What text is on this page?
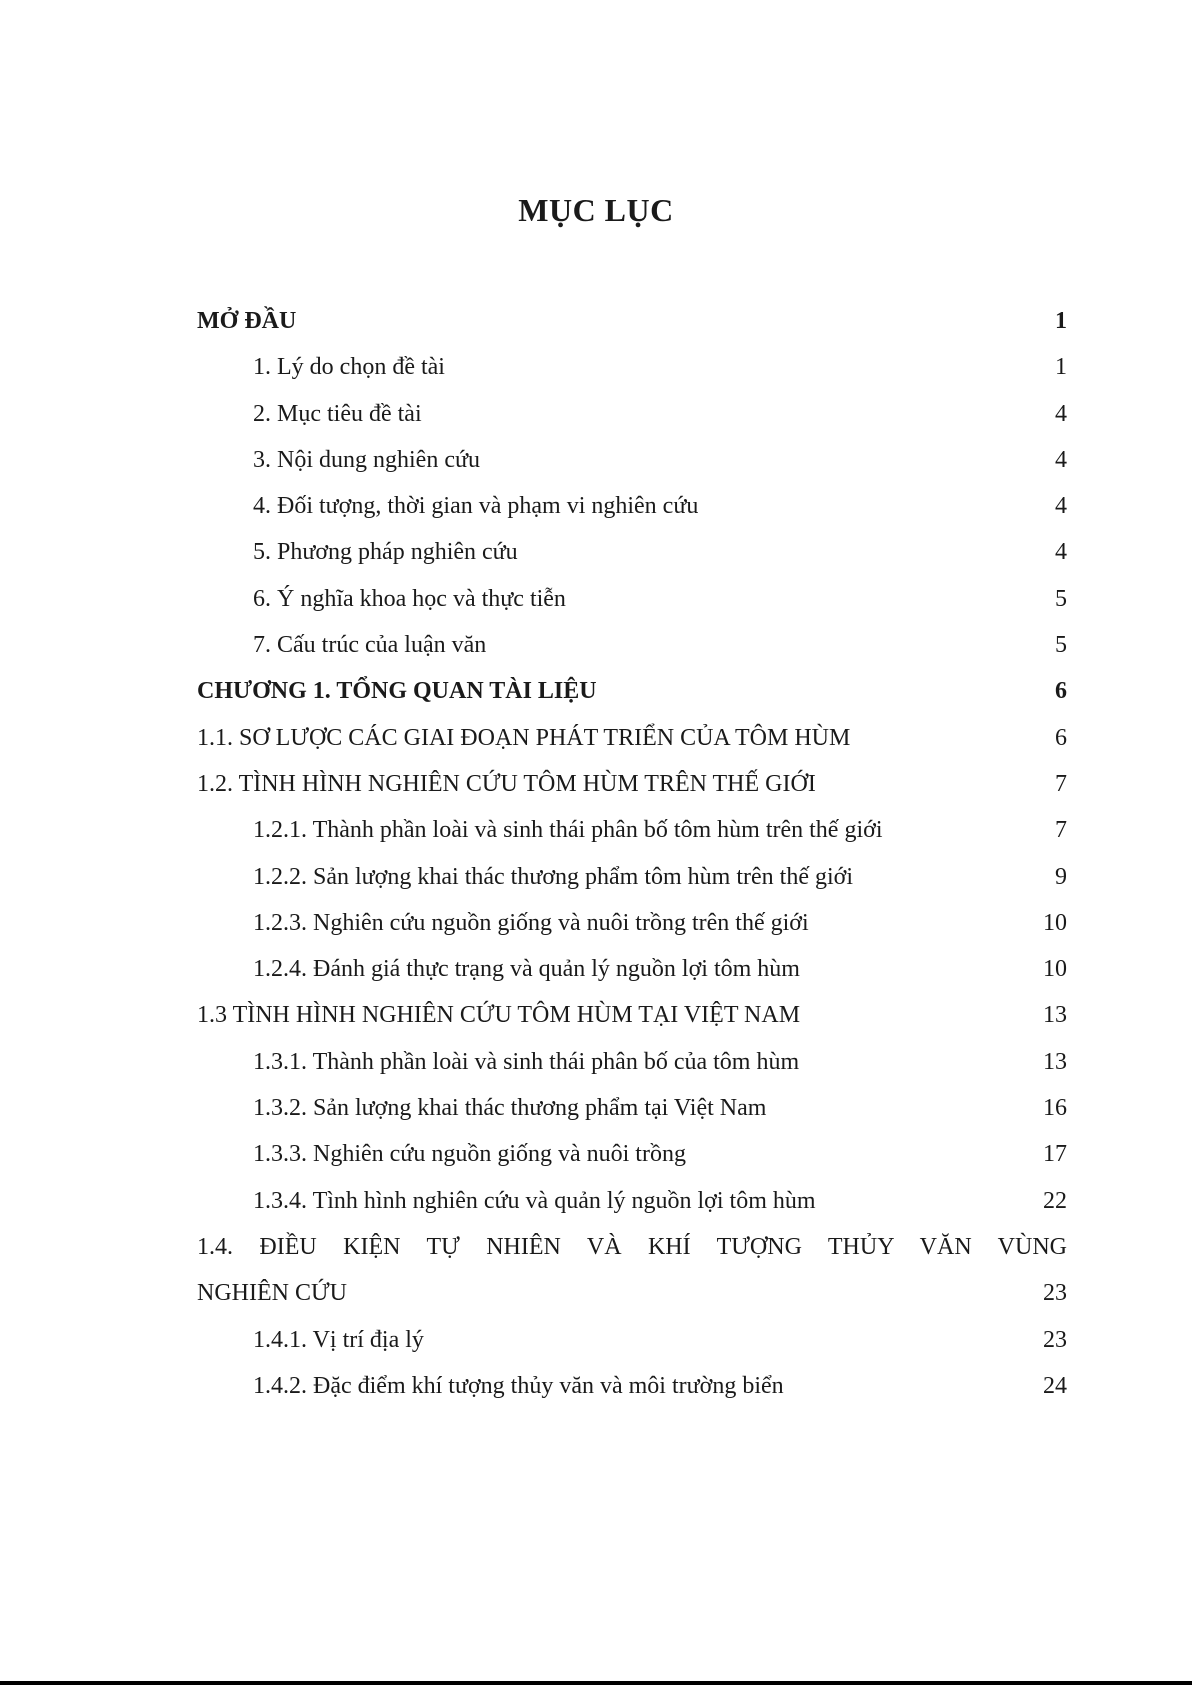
MỤC LỤC
MỞ ĐẦU	1
1. Lý do chọn đề tài	1
2. Mục tiêu đề tài	4
3. Nội dung nghiên cứu	4
4. Đối tượng, thời gian và phạm vi nghiên cứu	4
5. Phương pháp nghiên cứu	4
6. Ý nghĩa khoa học và thực tiễn	5
7. Cấu trúc của luận văn	5
CHƯƠNG 1. TỔNG QUAN TÀI LIỆU	6
1.1. SƠ LƯỢC CÁC GIAI ĐOẠN PHÁT TRIỂN CỦA TÔM HÙM	6
1.2. TÌNH HÌNH NGHIÊN CỨU TÔM HÙM TRÊN THẾ GIỚI	7
1.2.1. Thành phần loài và sinh thái phân bố tôm hùm trên thế giới	7
1.2.2. Sản lượng khai thác thương phẩm tôm hùm trên thế giới	9
1.2.3. Nghiên cứu nguồn giống và nuôi trồng trên thế giới	10
1.2.4. Đánh giá thực trạng và quản lý nguồn lợi tôm hùm	10
1.3 TÌNH HÌNH NGHIÊN CỨU TÔM HÙM TẠI VIỆT NAM	13
1.3.1. Thành phần loài và sinh thái phân bố của tôm hùm	13
1.3.2. Sản lượng khai thác thương phẩm tại Việt Nam	16
1.3.3. Nghiên cứu nguồn giống và nuôi trồng	17
1.3.4. Tình hình nghiên cứu và quản lý nguồn lợi tôm hùm	22
1.4. ĐIỀU KIỆN TỰ NHIÊN VÀ KHÍ TƯỢNG THỦY VĂN VÙNG
NGHIÊN CỨU	23
1.4.1. Vị trí địa lý	23
1.4.2. Đặc điểm khí tượng thủy văn và môi trường biển	24
